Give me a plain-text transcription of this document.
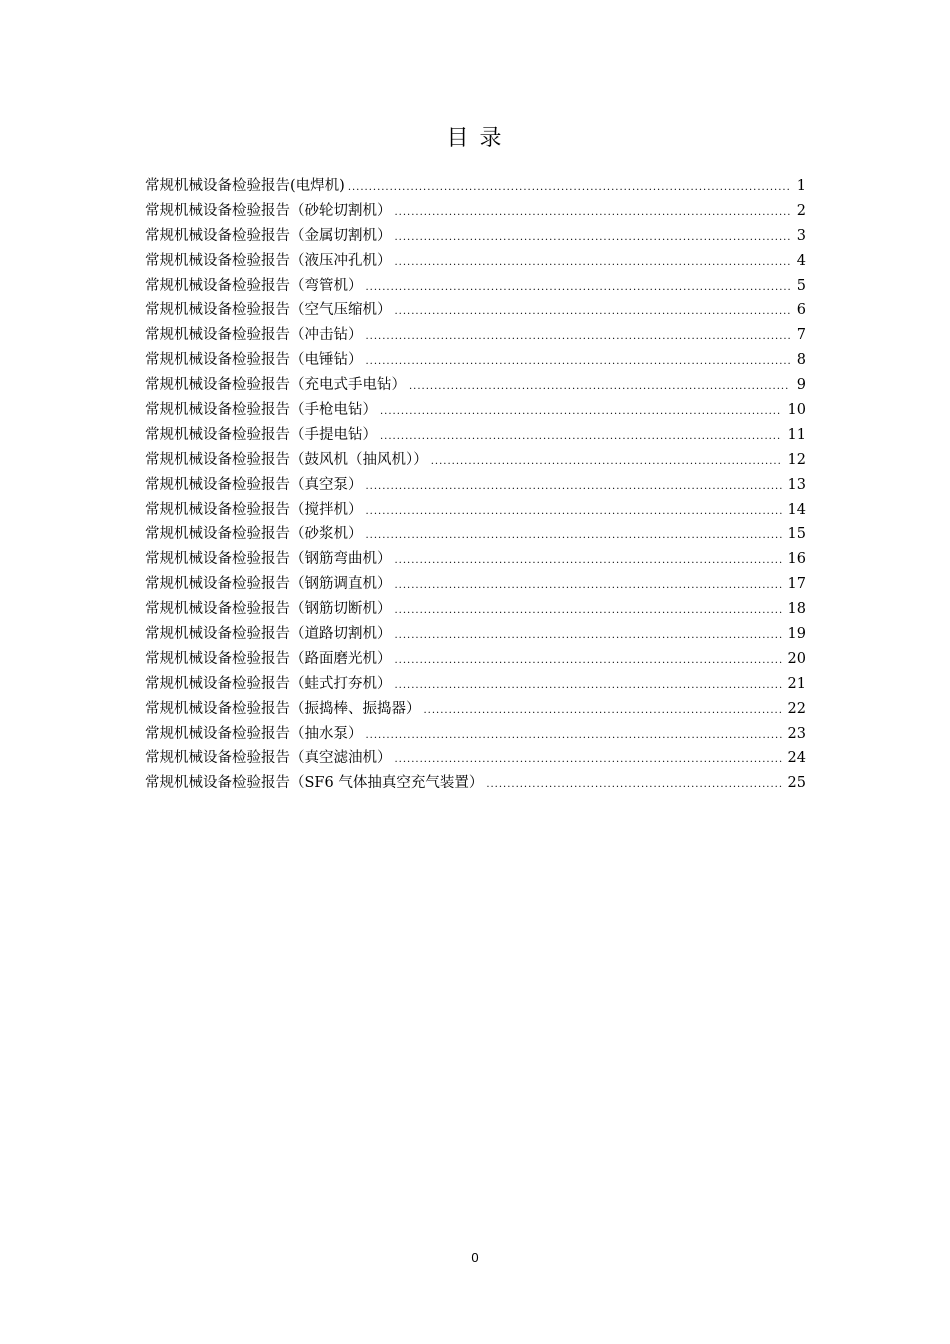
目 录
常规机械设备检验报告(电焊机) .....	1
常规机械设备检验报告（砂轮切割机） .....	2
常规机械设备检验报告（金属切割机） .....	3
常规机械设备检验报告（液压冲孔机） .....	4
常规机械设备检验报告（弯管机） .....	5
常规机械设备检验报告（空气压缩机） .....	6
常规机械设备检验报告（冲击钻） .....	7
常规机械设备检验报告（电锤钻） .....	8
常规机械设备检验报告（充电式手电钻） .....	9
常规机械设备检验报告（手枪电钻） .....	10
常规机械设备检验报告（手提电钻） .....	11
常规机械设备检验报告（鼓风机（抽风机）） .....	12
常规机械设备检验报告（真空泵） .....	13
常规机械设备检验报告（搅拌机） .....	14
常规机械设备检验报告（砂浆机） .....	15
常规机械设备检验报告（钢筋弯曲机） .....	16
常规机械设备检验报告（钢筋调直机） .....	17
常规机械设备检验报告（钢筋切断机） .....	18
常规机械设备检验报告（道路切割机） .....	19
常规机械设备检验报告（路面磨光机） .....	20
常规机械设备检验报告（蛙式打夯机） .....	21
常规机械设备检验报告（振捣棒、振捣器） .....	22
常规机械设备检验报告（抽水泵） .....	23
常规机械设备检验报告（真空滤油机） .....	24
常规机械设备检验报告（SF6 气体抽真空充气装置） .....	25
0
